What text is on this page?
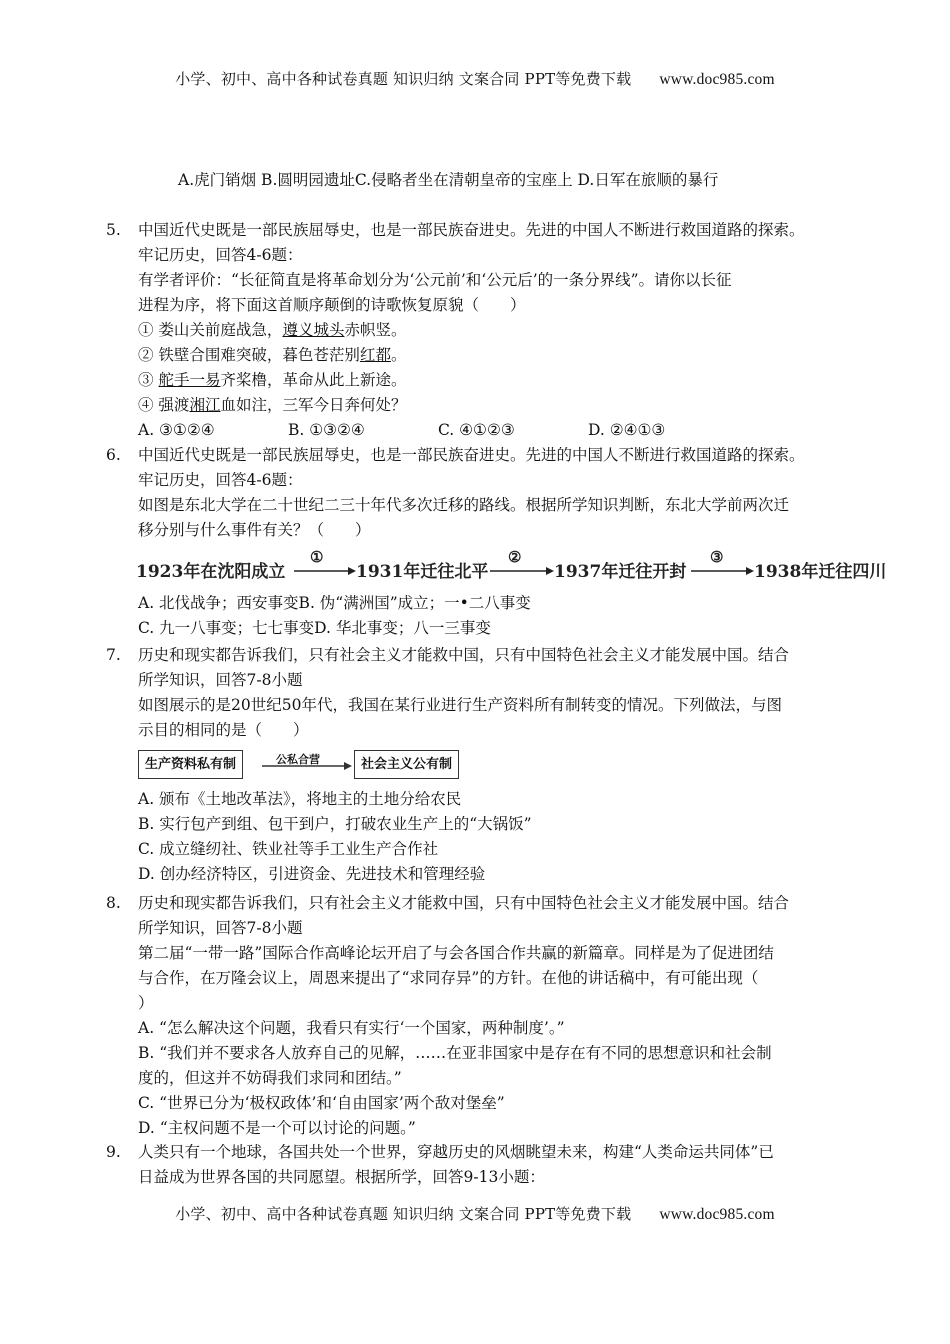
小学、初中、高中各种试卷真题 知识归纳 文案合同 PPT等免费下载 www.doc985.com
A.虎门销烟 B.圆明园遗址C.侵略者坐在清朝皇帝的宝座上 D.日军在旅顺的暴行
5. 中国近代史既是一部民族屈辱史，也是一部民族奋进史。先进的中国人不断进行救国道路的探索。
牢记历史，回答4-6题：
有学者评价：“长征简直是将革命划分为‘公元前’和‘公元后’的一条分界线”。请你以长征
进程为序，将下面这首顺序颠倒的诗歌恢复原貌（　　）
① 娄山关前庭战急，遵义城头赤帜竖。
② 铁壁合围难突破，暮色苍茫别红都。
③ 舵手一易齐桨橹，革命从此上新途。
④ 强渡湘江血如注，三军今日奔何处？
A. ③①②④	B. ①③②④	C. ④①②③	D. ②④①③
6. 中国近代史既是一部民族屈辱史，也是一部民族奋进史。先进的中国人不断进行救国道路的探索。
牢记历史，回答4-6题：
如图是东北大学在二十世纪二三十年代多次迁移的路线。根据所学知识判断，东北大学前两次迁
移分别与什么事件有关？（　　）
1923年在沈阳成立
①
1931年迁往北平
②
1937年迁往开封
③
1938年迁往四川
A. 北伐战争；西安事变B. 伪“满洲国”成立；一•二八事变
C. 九一八事变；七七事变D. 华北事变；八一三事变
7. 历史和现实都告诉我们，只有社会主义才能救中国，只有中国特色社会主义才能发展中国。结合
所学知识，回答7-8小题
如图展示的是20世纪50年代，我国在某行业进行生产资料所有制转变的情况。下列做法，与图
示目的相同的是（　　）
生产资料私有制	公私合营	社会主义公有制
A. 颁布《土地改革法》，将地主的土地分给农民
B. 实行包产到组、包干到户，打破农业生产上的“大锅饭”
C. 成立缝纫社、铁业社等手工业生产合作社
D. 创办经济特区，引进资金、先进技术和管理经验
8. 历史和现实都告诉我们，只有社会主义才能救中国，只有中国特色社会主义才能发展中国。结合
所学知识，回答7-8小题
第二届“一带一路”国际合作高峰论坛开启了与会各国合作共赢的新篇章。同样是为了促进团结
与合作，在万隆会议上，周恩来提出了“求同存异”的方针。在他的讲话稿中，有可能出现（
）
A. “怎么解决这个问题，我看只有实行‘一个国家，两种制度’。”
B. “我们并不要求各人放弃自己的见解，……在亚非国家中是存在有不同的思想意识和社会制
度的，但这并不妨碍我们求同和团结。”
C. “世界已分为‘极权政体’和‘自由国家’两个敌对堡垒”
D. “主权问题不是一个可以讨论的问题。”
9. 人类只有一个地球，各国共处一个世界，穿越历史的风烟眺望未来，构建“人类命运共同体”已
日益成为世界各国的共同愿望。根据所学，回答9-13小题：
小学、初中、高中各种试卷真题 知识归纳 文案合同 PPT等免费下载 www.doc985.com
